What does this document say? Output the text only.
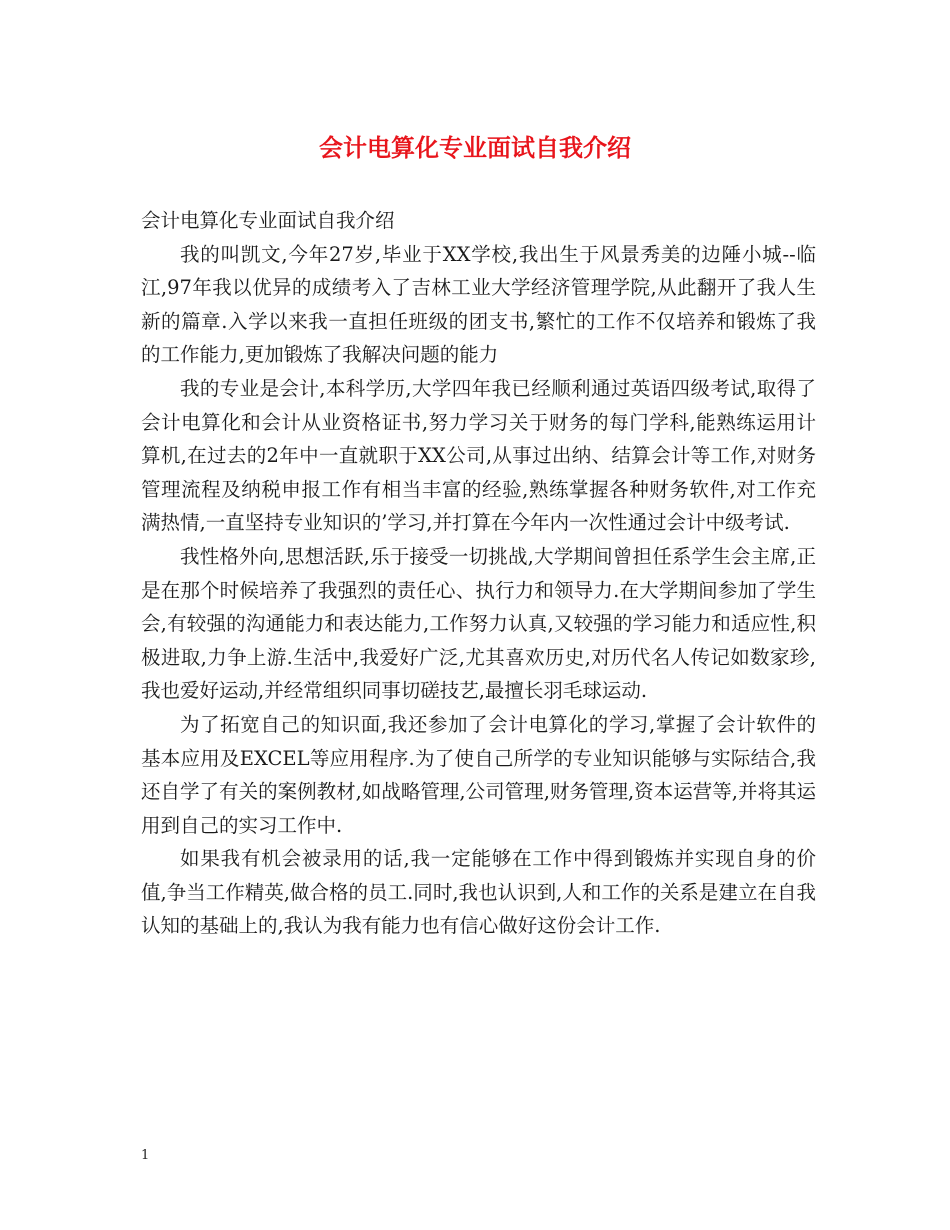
会计电算化专业面试自我介绍

会计电算化专业面试自我介绍

我的叫凯文,今年27岁,毕业于XX学校,我出生于风景秀美的边陲小城--临江,97年我以优异的成绩考入了吉林工业大学经济管理学院,从此翻开了我人生新的篇章.入学以来我一直担任班级的团支书,繁忙的工作不仅培养和锻炼了我的工作能力,更加锻炼了我解决问题的能力

我的专业是会计,本科学历,大学四年我已经顺利通过英语四级考试,取得了会计电算化和会计从业资格证书,努力学习关于财务的每门学科,能熟练运用计算机,在过去的2年中一直就职于XX公司,从事过出纳、结算会计等工作,对财务管理流程及纳税申报工作有相当丰富的经验,熟练掌握各种财务软件,对工作充满热情,一直坚持专业知识的’学习,并打算在今年内一次性通过会计中级考试.

我性格外向,思想活跃,乐于接受一切挑战,大学期间曾担任系学生会主席,正是在那个时候培养了我强烈的责任心、执行力和领导力.在大学期间参加了学生会,有较强的沟通能力和表达能力,工作努力认真,又较强的学习能力和适应性,积极进取,力争上游.生活中,我爱好广泛,尤其喜欢历史,对历代名人传记如数家珍,我也爱好运动,并经常组织同事切磋技艺,最擅长羽毛球运动.

为了拓宽自己的知识面,我还参加了会计电算化的学习,掌握了会计软件的基本应用及EXCEL等应用程序.为了使自己所学的专业知识能够与实际结合,我还自学了有关的案例教材,如战略管理,公司管理,财务管理,资本运营等,并将其运用到自己的实习工作中.

如果我有机会被录用的话,我一定能够在工作中得到锻炼并实现自身的价值,争当工作精英,做合格的员工.同时,我也认识到,人和工作的关系是建立在自我认知的基础上的,我认为我有能力也有信心做好这份会计工作.

1
